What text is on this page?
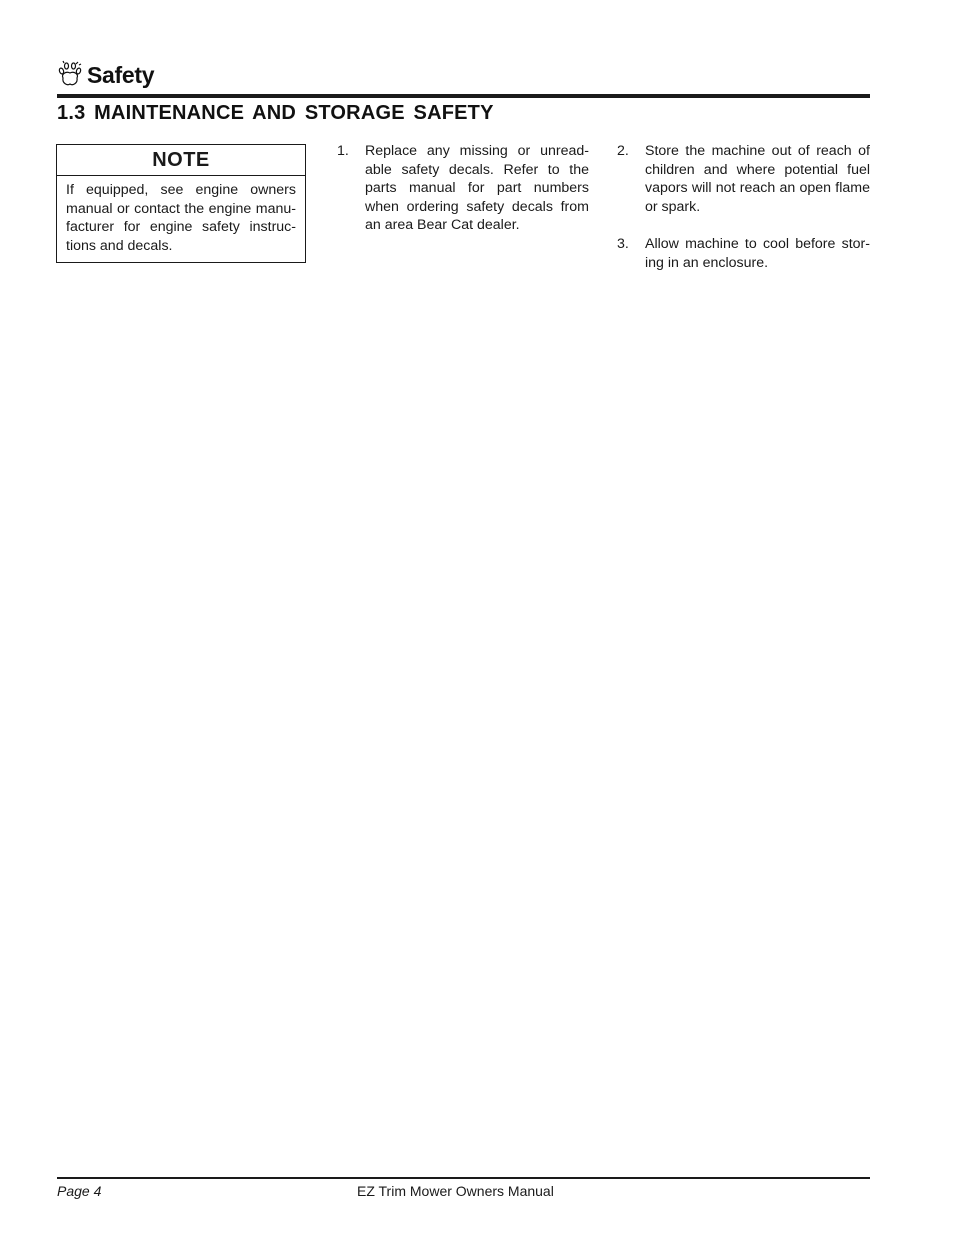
Safety
1.3 MAINTENANCE AND STORAGE SAFETY
NOTE
If equipped, see engine owners manual or contact the engine manu-facturer for engine safety instruc-tions and decals.
1. Replace any missing or unread-able safety decals. Refer to the parts manual for part numbers when ordering safety decals from an area Bear Cat dealer.
2. Store the machine out of reach of children and where potential fuel vapors will not reach an open flame or spark.
3. Allow machine to cool before stor-ing in an enclosure.
Page 4	EZ Trim Mower Owners Manual
